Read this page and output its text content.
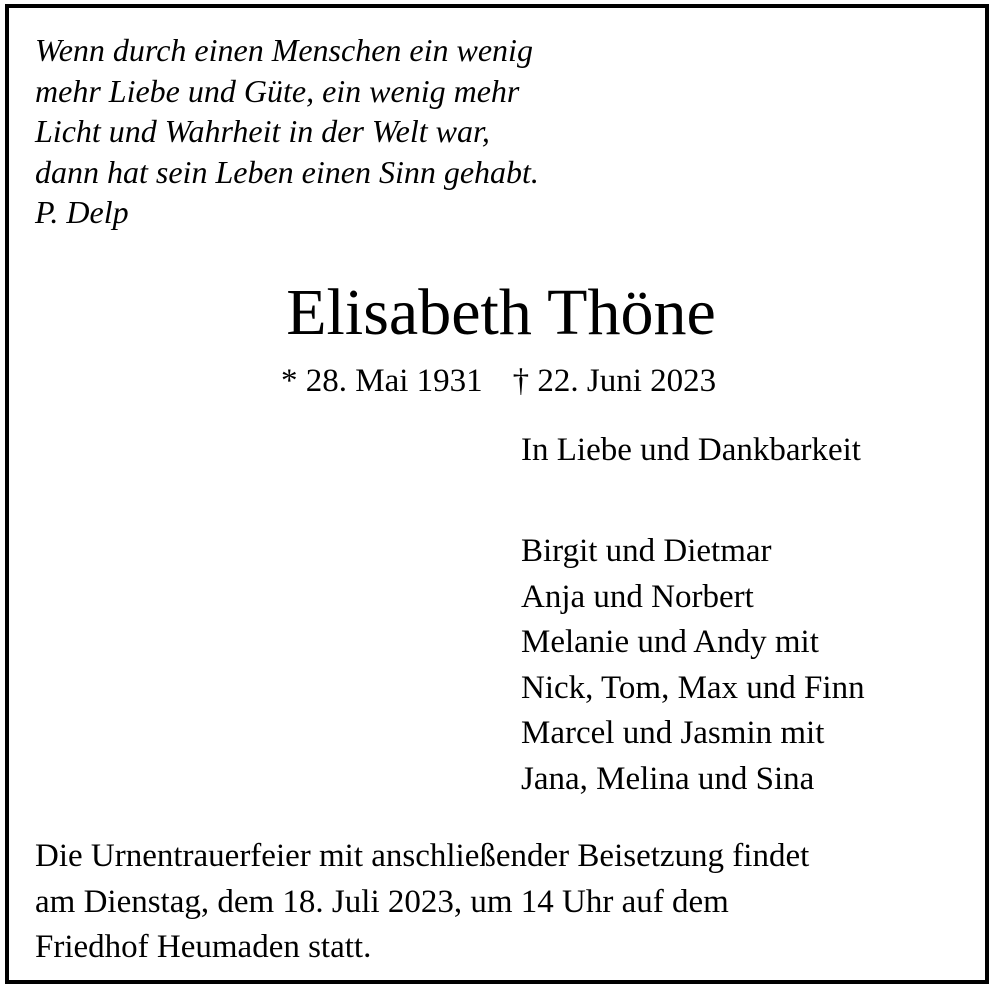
Wenn durch einen Menschen ein wenig
mehr Liebe und Güte, ein wenig mehr
Licht und Wahrheit in der Welt war,
dann hat sein Leben einen Sinn gehabt.
P. Delp
Elisabeth Thöne
* 28. Mai 1931 † 22. Juni 2023
In Liebe und Dankbarkeit
Birgit und Dietmar
Anja und Norbert
Melanie und Andy mit
Nick, Tom, Max und Finn
Marcel und Jasmin mit
Jana, Melina und Sina
Die Urnentrauerfeier mit anschließender Beisetzung findet
am Dienstag, dem 18. Juli 2023, um 14 Uhr auf dem
Friedhof Heumaden statt.
